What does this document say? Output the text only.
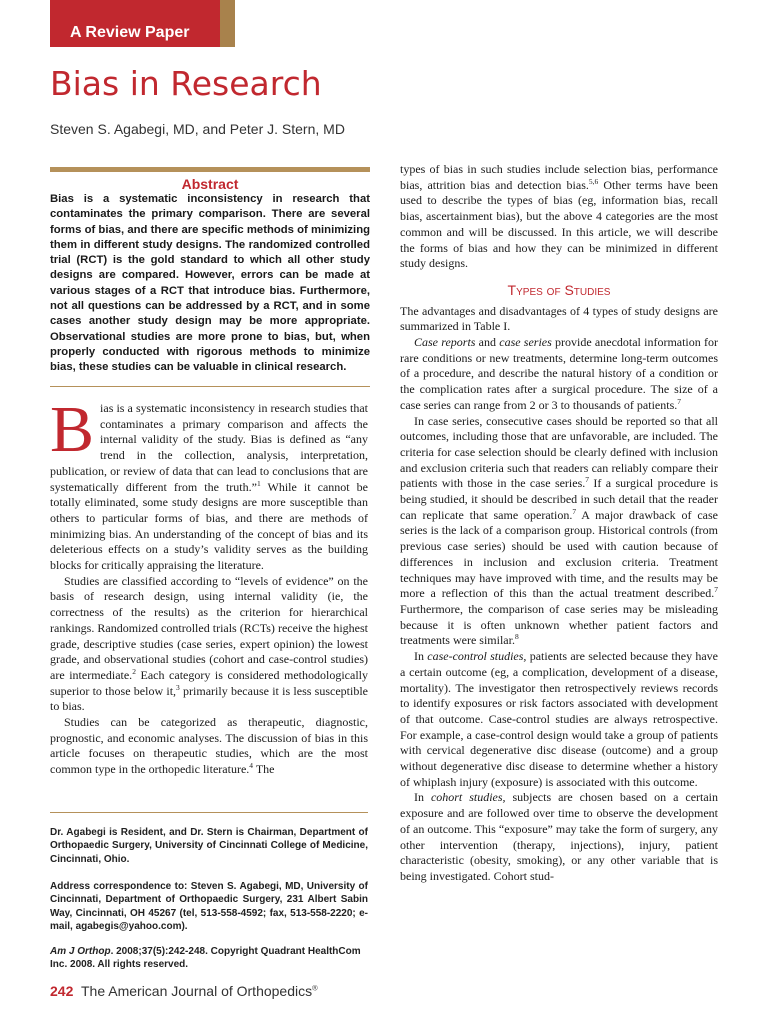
A Review Paper
Bias in Research
Steven S. Agabegi, MD, and Peter J. Stern, MD
Abstract
Bias is a systematic inconsistency in research that contaminates the primary comparison. There are several forms of bias, and there are specific methods of minimizing them in different study designs. The randomized controlled trial (RCT) is the gold standard to which all other study designs are compared. However, errors can be made at various stages of a RCT that introduce bias. Furthermore, not all questions can be addressed by a RCT, and in some cases another study design may be more appropriate. Observational studies are more prone to bias, but, when properly conducted with rigorous methods to minimize bias, these studies can be valuable in clinical research.

Bias is a systematic inconsistency in research studies that contaminates a primary comparison and affects the internal validity of the study. Bias is defined as “any trend in the collection, analysis, interpretation, publication, or review of data that can lead to conclusions that are systematically different from the truth.”$^1$ While it cannot be totally eliminated, some study designs are more susceptible than others to particular forms of bias, and there are methods of minimizing bias. An understanding of the concept of bias and its deleterious effects on a study’s validity serves as the building blocks for critically appraising the literature.

Studies are classified according to “levels of evidence” on the basis of research design, using internal validity (ie, the correctness of the results) as the criterion for hierarchical rankings. Randomized controlled trials (RCTs) receive the highest grade, descriptive studies (case series, expert opinion) the lowest grade, and observational studies (cohort and case-control studies) are intermediate.$^2$ Each category is considered methodologically superior to those below it,$^3$ primarily because it is less susceptible to bias.

Studies can be categorized as therapeutic, diagnostic, prognostic, and economic analyses. The discussion of bias in this article focuses on therapeutic studies, which are the most common type in the orthopedic literature.$^4$ The

Dr. Agabegi is Resident, and Dr. Stern is Chairman, Department of Orthopaedic Surgery, University of Cincinnati College of Medicine, Cincinnati, Ohio.
Address correspondence to: Steven S. Agabegi, MD, University of Cincinnati, Department of Orthopaedic Surgery, 231 Albert Sabin Way, Cincinnati, OH 45267 (tel, 513-558-4592; fax, 513-558-2220; e-mail, agabegis@yahoo.com).
Am J Orthop. 2008;37(5):242-248. Copyright Quadrant HealthCom Inc. 2008. All rights reserved.

types of bias in such studies include selection bias, performance bias, attrition bias and detection bias.$^{5,6}$ Other terms have been used to describe the types of bias (eg, information bias, recall bias, ascertainment bias), but the above 4 categories are the most common and will be discussed. In this article, we will describe the forms of bias and how they can be minimized in different study designs.

Types of Studies

The advantages and disadvantages of 4 types of study designs are summarized in Table I.

Case reports and case series provide anecdotal information for rare conditions or new treatments, determine long-term outcomes of a procedure, and describe the natural history of a condition or the complication rates after a surgical procedure. The size of a case series can range from 2 or 3 to thousands of patients.$^7$

In case series, consecutive cases should be reported so that all outcomes, including those that are unfavorable, are included. The criteria for case selection should be clearly defined with inclusion and exclusion criteria such that readers can reliably compare their patients with those in the case series.$^7$ If a surgical procedure is being studied, it should be described in such detail that the reader can replicate that same operation.$^7$ A major drawback of case series is the lack of a comparison group. Historical controls (from previous case series) should be used with caution because of differences in inclusion and exclusion criteria. Treatment techniques may have improved with time, and the results may be more a reflection of this than the actual treatment described.$^7$ Furthermore, the comparison of case series may be misleading because it is often unknown whether patient factors and treatments were similar.$^8$

In case-control studies, patients are selected because they have a certain outcome (eg, a complication, development of a disease, mortality). The investigator then retrospectively reviews records to identify exposures or risk factors associated with development of that outcome. Case-control studies are always retrospective. For example, a case-control design would take a group of patients with cervical degenerative disc disease (outcome) and a group without degenerative disc disease to determine whether a history of whiplash injury (exposure) is associated with this outcome.

In cohort studies, subjects are chosen based on a certain exposure and are followed over time to observe the development of an outcome. This “exposure” may take the form of surgery, any other intervention (therapy, injections), injury, patient characteristic (obesity, smoking), or any other variable that is being investigated. Cohort stud-

242 The American Journal of Orthopedics®
